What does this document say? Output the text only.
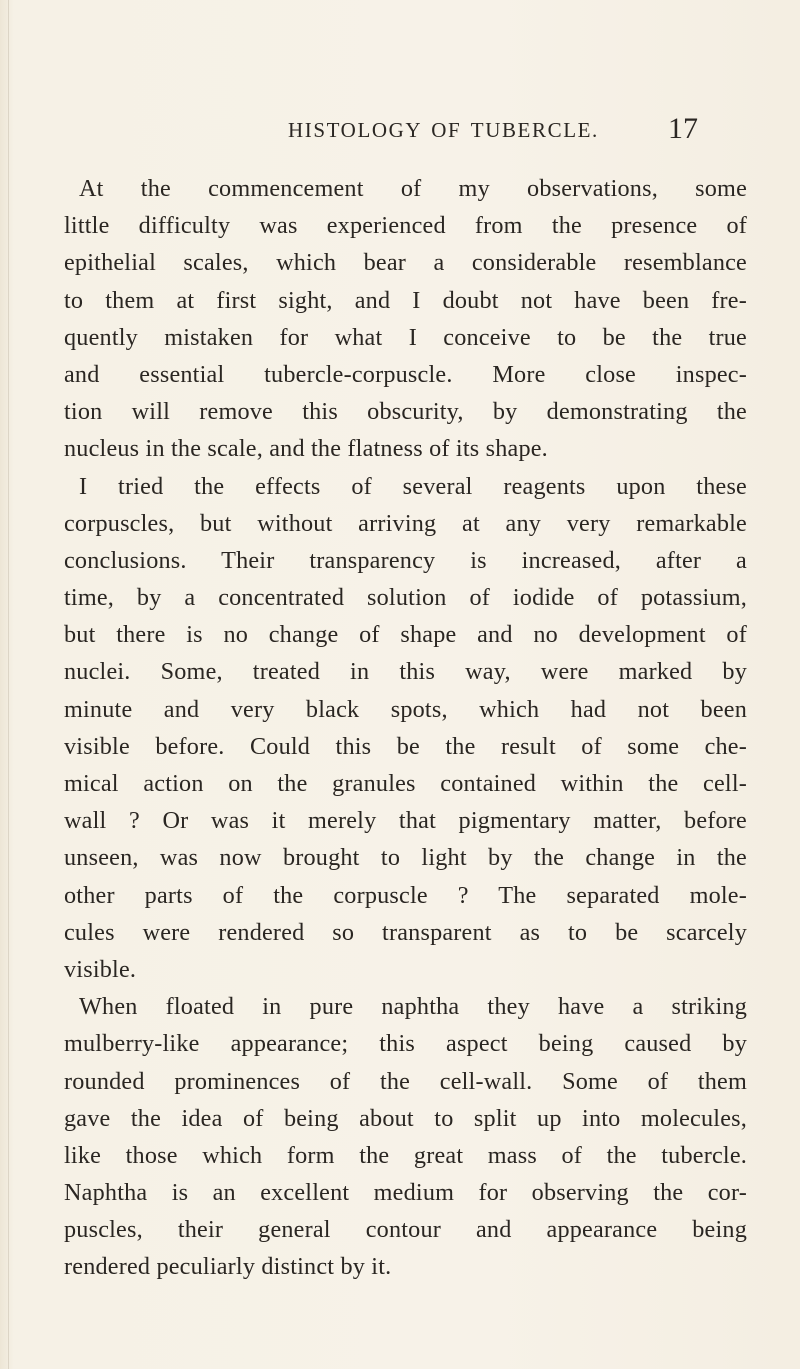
HISTOLOGY OF TUBERCLE. 17
At the commencement of my observations, some
little difficulty was experienced from the presence of
epithelial scales, which bear a considerable resemblance
to them at first sight, and I doubt not have been fre-
quently mistaken for what I conceive to be the true
and essential tubercle-corpuscle. More close inspec-
tion will remove this obscurity, by demonstrating the
nucleus in the scale, and the flatness of its shape.
I tried the effects of several reagents upon these
corpuscles, but without arriving at any very remarkable
conclusions. Their transparency is increased, after a
time, by a concentrated solution of iodide of potassium,
but there is no change of shape and no development of
nuclei. Some, treated in this way, were marked by
minute and very black spots, which had not been
visible before. Could this be the result of some che-
mical action on the granules contained within the cell-
wall ? Or was it merely that pigmentary matter, before
unseen, was now brought to light by the change in the
other parts of the corpuscle ? The separated mole-
cules were rendered so transparent as to be scarcely
visible.
When floated in pure naphtha they have a striking
mulberry-like appearance; this aspect being caused by
rounded prominences of the cell-wall. Some of them
gave the idea of being about to split up into molecules,
like those which form the great mass of the tubercle.
Naphtha is an excellent medium for observing the cor-
puscles, their general contour and appearance being
rendered peculiarly distinct by it.
